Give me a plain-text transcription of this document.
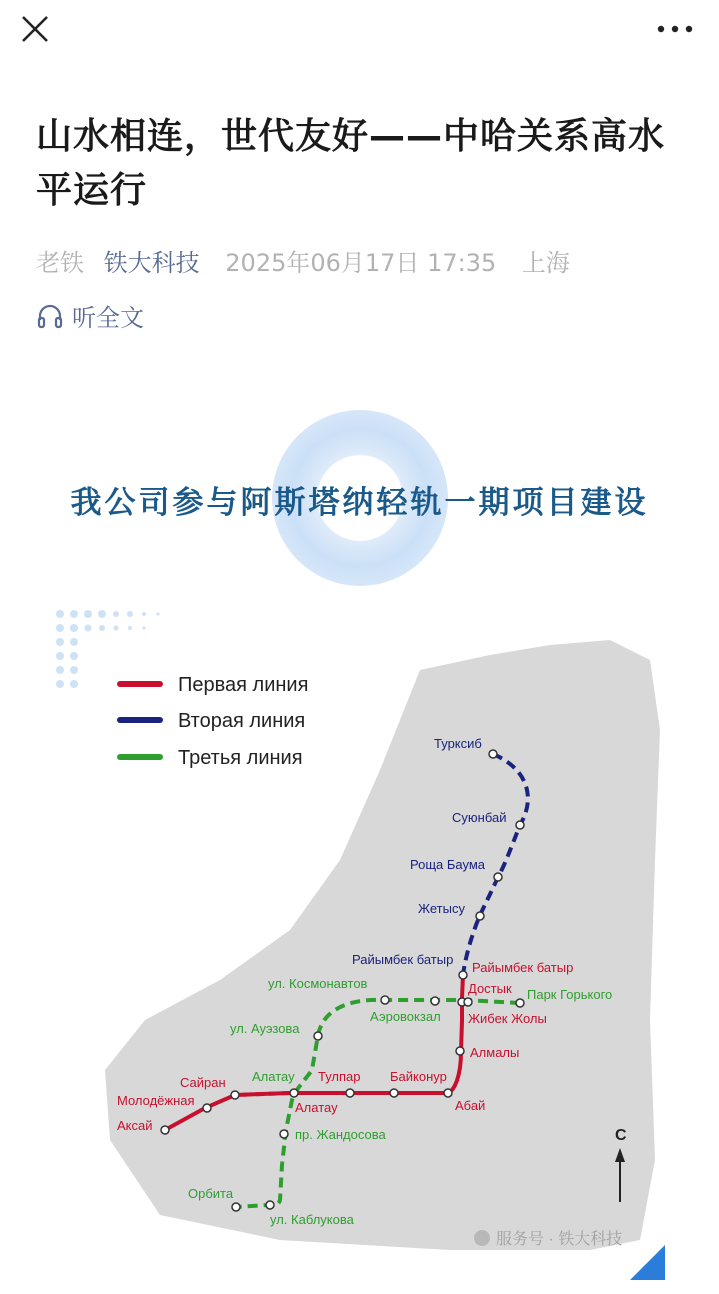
山水相连，世代友好——中哈关系高水平运行
老铁 铁大科技 2025年06月17日 17:35 上海
听全文
我公司参与阿斯塔纳轻轨一期项目建设
Первая линия
Вторая линия
Третья линия
Турксиб
Суюнбай
Роща Баума
Жетысу
Райымбек батыр
Райымбек батыр
Достык Парк Горького
ул. Космонавтов
Аэровокзал Жибек Жолы
ул. Ауэзова
Алмалы
Алатау Тулпар Байконур
Сайран
Молодёжная
Аксай
Алатау	Абай
пр. Жандосова
Орбита
ул. Каблукова
С
服务号 · 铁大科技
